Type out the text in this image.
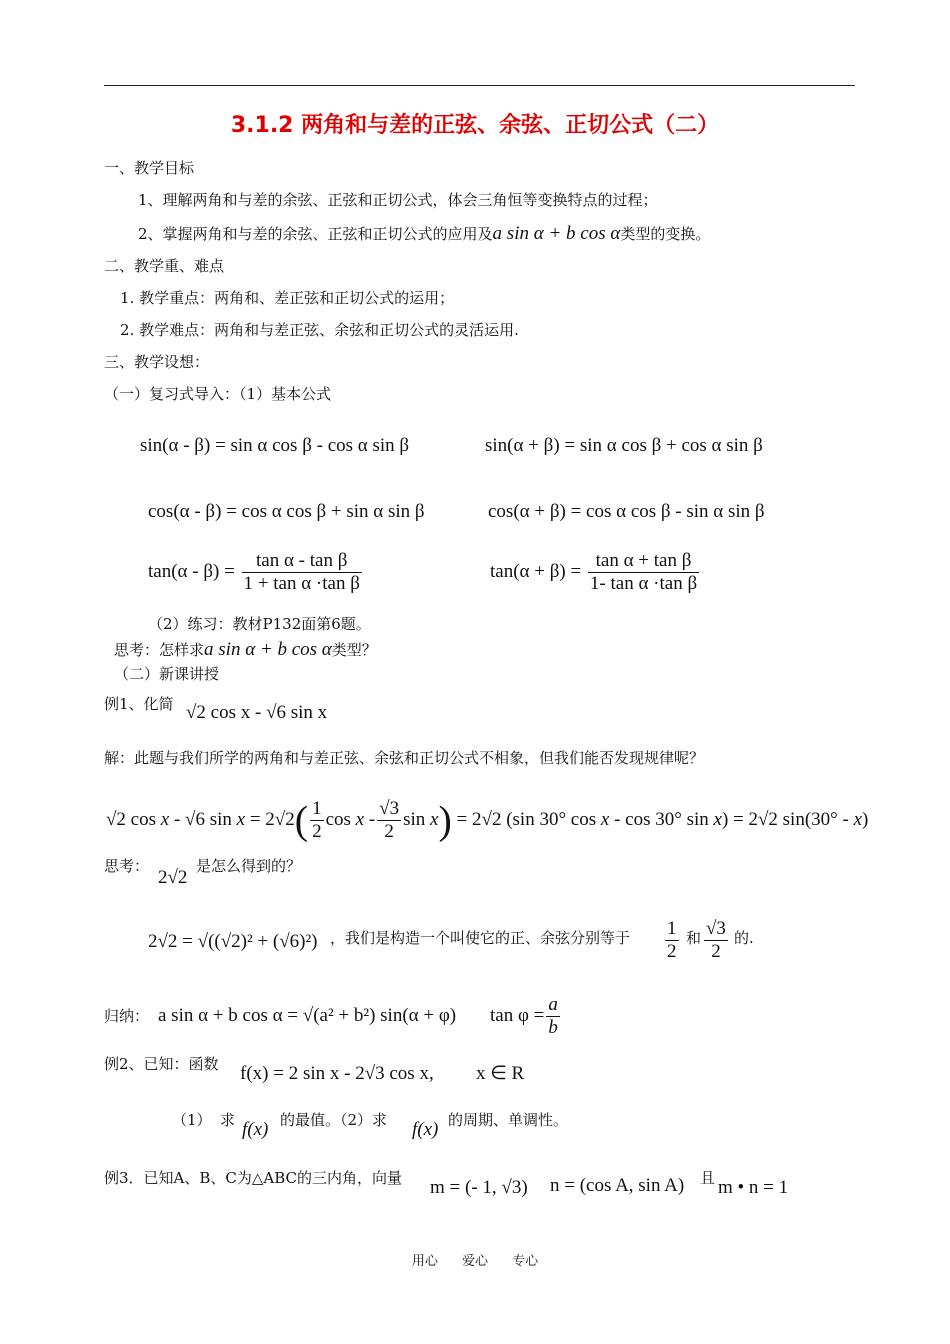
3.1.2 两角和与差的正弦、余弦、正切公式（二）
一、教学目标
1、理解两角和与差的余弦、正弦和正切公式，体会三角恒等变换特点的过程；
2、掌握两角和与差的余弦、正弦和正切公式的应用及a sin α + b cos α类型的变换。
二、教学重、难点
1. 教学重点：两角和、差正弦和正切公式的运用；
2. 教学难点：两角和与差正弦、余弦和正切公式的灵活运用.
三、教学设想：
（一）复习式导入：（1）基本公式
sin(α - β) = sin α cos β - cos α sin β	sin(α + β) = sin α cos β + cos α sin β
cos(α - β) = cos α cos β + sin α sin β	cos(α + β) = cos α cos β - sin α sin β
$\tan(\alpha - \beta) = \frac{\text{tan α - tan β}}{\text{1 + tan α ·tan β}}$	$\tan(\alpha + \beta) = \frac{\text{tan α + tan β}}{\text{1- tan α ·tan β}}$
（2）练习：教材P132面第6题。
思考：怎样求a sin α + b cos α类型？
（二）新课讲授
例1、化简 √2 cos x - √6 sin x
解：此题与我们所学的两角和与差正弦、余弦和正切公式不相象，但我们能否发现规律呢？
√2 cos x - √6 $\sin x = 2√2( \frac{1}{2}$ cos x - $\frac{√3}{2}$ sin x) = 2√2 (sin 30° cos x - cos 30° sin x) = 2√2 sin(30° - x)
思考：
2√2
是怎么得到的？
2√2 = √((√2)² + (√6)²) ，我们是构造一个叫使它的正、余弦分别等于 $\frac{1}{2}$ 和 $\frac{√3}{2}$ 的.
归纳： a sin α + b cos α = √(a² + b²) sin(α + φ) $\tan \varphi = \frac{a}{b}$
例2、已知：函数 f(x) = 2 sin x - 2√3 cos x, x ∈ R
（1） 求 f(x) 的最值。（2）求 f(x) 的周期、单调性。
例3．已知A、B、C为△ABC的三内角，向量 m = (- 1, √3) n = (cos A, sin A) 且 m • n = 1
用心 爱心 专心
